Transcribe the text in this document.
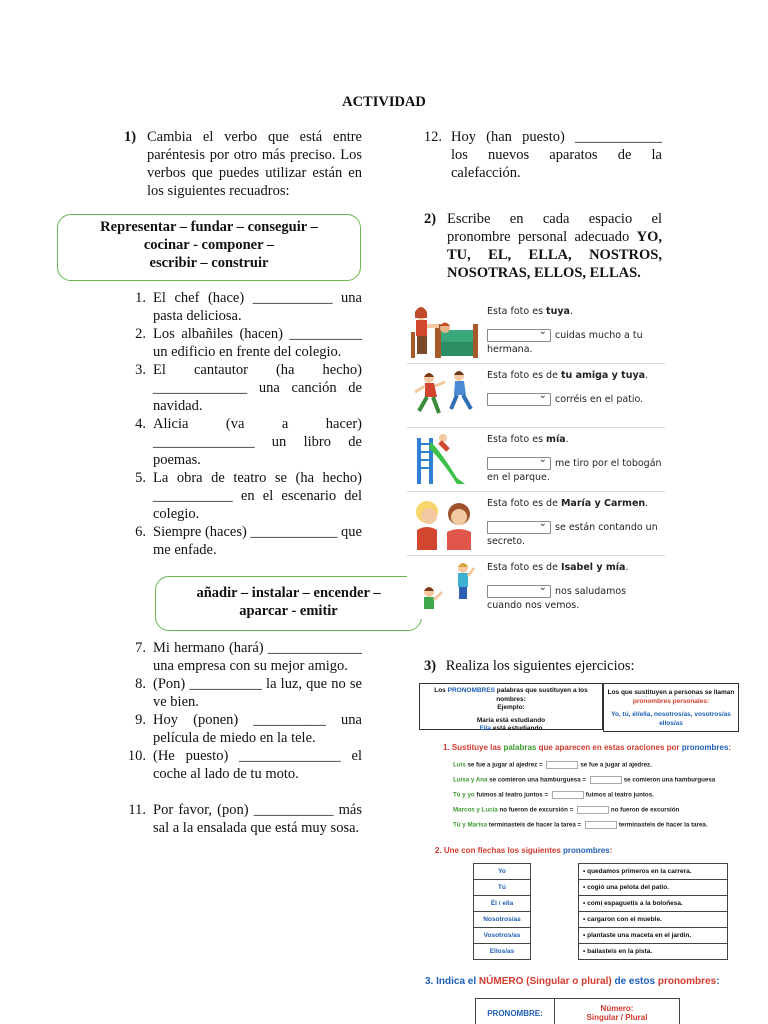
ACTIVIDAD
1) Cambia el verbo que está entre paréntesis por otro más preciso. Los verbos que puedes utilizar están en los siguientes recuadros:
Representar – fundar – conseguir –
cocinar - componer –
escribir – construir
1. El chef (hace) ___________ una pasta deliciosa.
2. Los albañiles (hacen) __________ un edificio en frente del colegio.
3. El cantautor (ha hecho) _____________ una canción de navidad.
4. Alicia (va a hacer) ______________ un libro de poemas.
5. La obra de teatro se (ha hecho) ___________ en el escenario del colegio.
6. Siempre (haces) ____________ que me enfade.
añadir – instalar – encender –
aparcar - emitir
7. Mi hermano (hará) _____________ una empresa con su mejor amigo.
8. (Pon) __________ la luz, que no se ve bien.
9. Hoy (ponen) __________ una película de miedo en la tele.
10. (He puesto) ______________ el coche al lado de tu moto.
11. Por favor, (pon) ___________ más sal a la ensalada que está muy sosa.
12. Hoy (han puesto) ____________ los nuevos aparatos de la calefacción.
2) Escribe en cada espacio el pronombre personal adecuado YO, TU, EL, ELLA, NOSTROS, NOSOTRAS, ELLOS, ELLAS.
Esta foto es tuya.
⌄cuidas mucho a tu hermana.
Esta foto es de tu amiga y tuya.
⌄corréis en el patio.
Esta foto es mía.
⌄me tiro por el tobogán en el parque.
Esta foto es de María y Carmen.
⌄se están contando un secreto.
Esta foto es de Isabel y mía.
⌄nos saludamos cuando nos vemos.
3) Realiza los siguientes ejercicios:
Los PRONOMBRES palabras que sustituyen a los nombres:
Ejemplo:
María está estudiando
Ella está estudiando
Los que sustituyen a personas se llaman
pronombres personales:
Yo, tú, él/ella, nosotros/as, vosotros/as ellos/as
1. Sustituye las palabras que aparecen en estas oraciones por pronombres:
Luis se fue a jugar al ajedrez =	se fue a jugar al ajedrez.
Luisa y Ana se comieron una hamburguesa =	se comieron una hamburguesa
Tú y yo fuimos al teatro juntos =	fuimos al teatro juntos.
Marcos y Lucía no fueron de excursión =	no fueron de excursión
Tú y Marisa terminasteis de hacer la tarea =	terminasteis de hacer la tarea.
2. Une con flechas los siguientes pronombres:
Yo
Tú
Él / ella
Nosotros/as
Vosotros/as
Ellos/as
• quedamos primeros en la carrera.
• cogió una pelota del patio.
• comí espaguetis a la boloñesa.
• cargaron con el mueble.
• plantaste una maceta en el jardín.
• bailasteis en la pista.
3. Indica el NÚMERO (Singular o plural) de estos pronombres:
PRONOMBRE:	Número:
Singular / Plural
